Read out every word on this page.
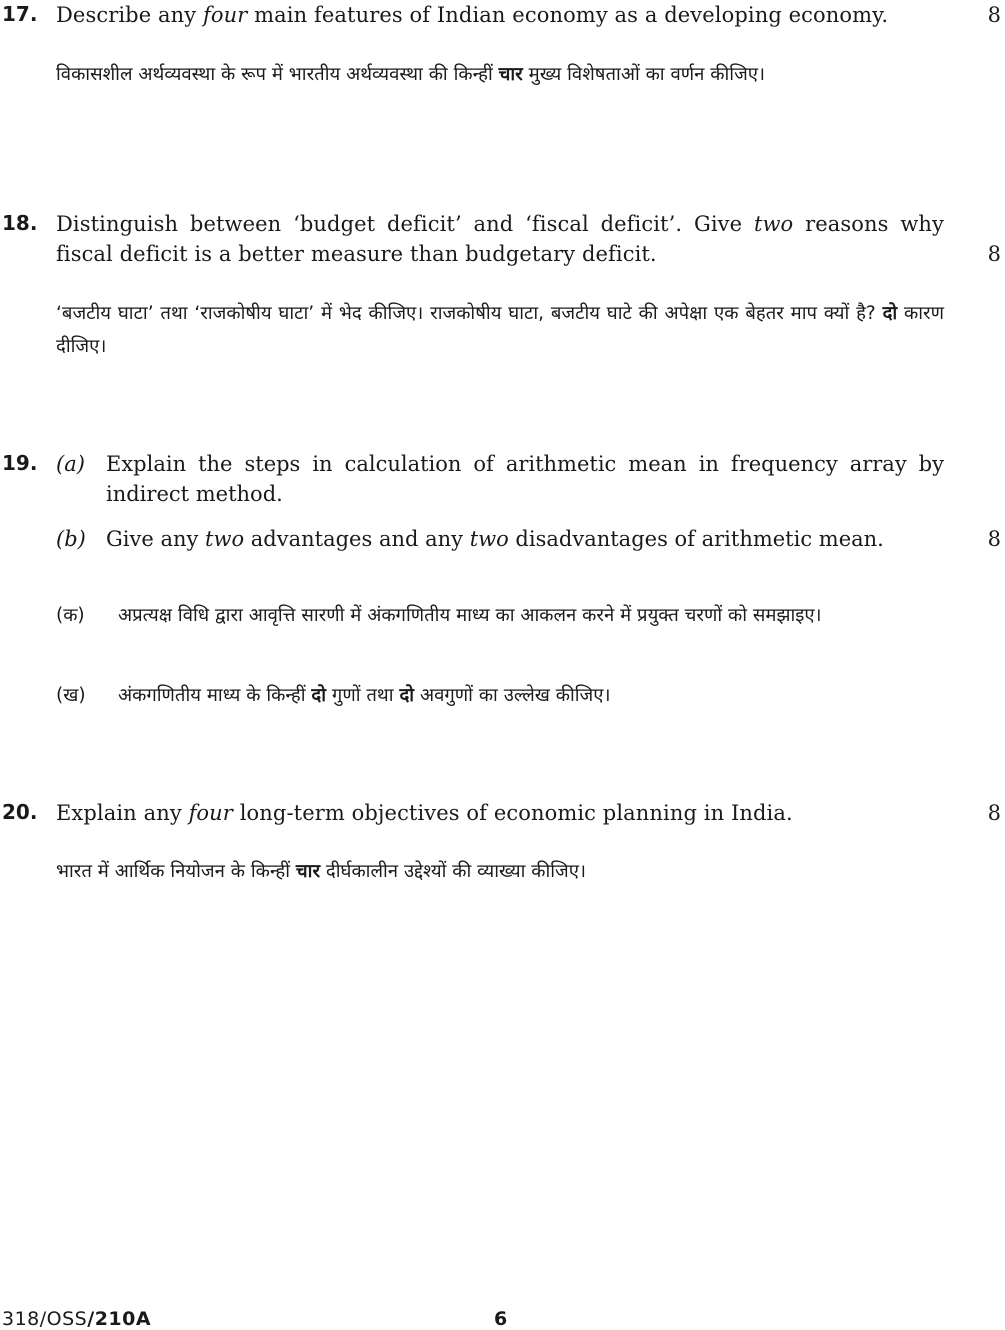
17. Describe any four main features of Indian economy as a developing economy.	8
विकासशील अर्थव्यवस्था के रूप में भारतीय अर्थव्यवस्था की किन्हीं चार मुख्य विशेषताओं का वर्णन कीजिए।
18. Distinguish between ‘budget deficit’ and ‘fiscal deficit’. Give two reasons why fiscal deficit is a better measure than budgetary deficit.	8
‘बजटीय घाटा’ तथा ‘राजकोषीय घाटा’ में भेद कीजिए। राजकोषीय घाटा, बजटीय घाटे की अपेक्षा एक बेहतर माप क्यों है? दो कारण दीजिए।
19. (a) Explain the steps in calculation of arithmetic mean in frequency array by indirect method.
(b) Give any two advantages and any two disadvantages of arithmetic mean.	8
(क) अप्रत्यक्ष विधि द्वारा आवृत्ति सारणी में अंकगणितीय माध्य का आकलन करने में प्रयुक्त चरणों को समझाइए।
(ख) अंकगणितीय माध्य के किन्हीं दो गुणों तथा दो अवगुणों का उल्लेख कीजिए।
20. Explain any four long-term objectives of economic planning in India.	8
भारत में आर्थिक नियोजन के किन्हीं चार दीर्घकालीन उद्देश्यों की व्याख्या कीजिए।
318/OSS/210A	6
